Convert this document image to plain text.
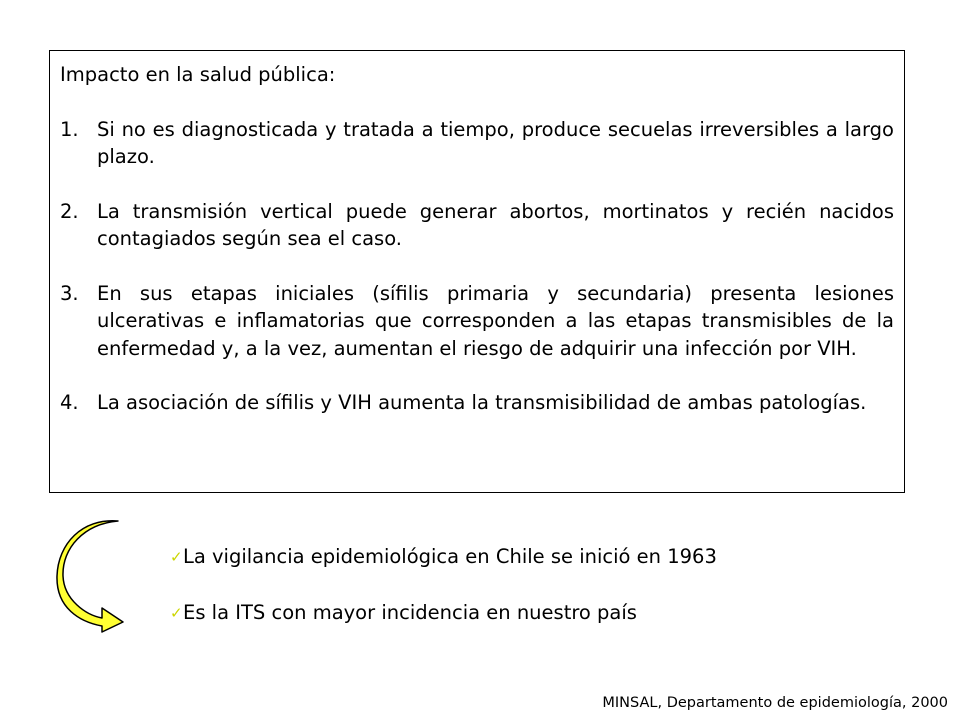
Impacto en la salud pública:

1. Si no es diagnosticada y tratada a tiempo, produce secuelas irreversibles a largo plazo.

2. La transmisión vertical puede generar abortos, mortinatos y recién nacidos contagiados según sea el caso.

3. En sus etapas iniciales (sífilis primaria y secundaria) presenta lesiones ulcerativas e inflamatorias que corresponden a las etapas transmisibles de la enfermedad y, a la vez, aumentan el riesgo de adquirir una infección por VIH.

4. La asociación de sífilis y VIH aumenta la transmisibilidad de ambas patologías.

✓La vigilancia epidemiológica en Chile se inició en 1963
✓Es la ITS con mayor incidencia en nuestro país
MINSAL, Departamento de epidemiología, 2000
